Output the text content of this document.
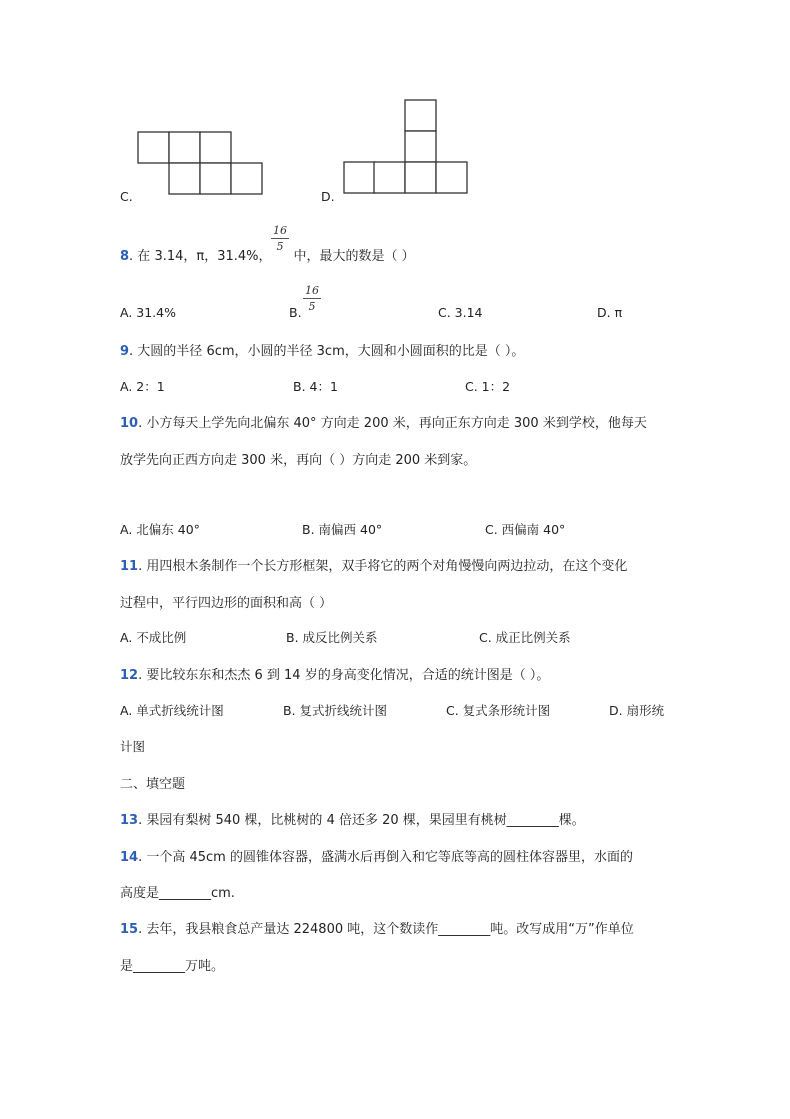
C.	D.
8. 在 3.14，π，31.4%， 中，最大的数是（ ）
16
5
A. 31.4%	B.
16
5	C. 3.14	D. π
9. 大圆的半径 6cm，小圆的半径 3cm，大圆和小圆面积的比是（ ）。
A. 2：1	B. 4：1	C. 1：2
10. 小方每天上学先向北偏东 40° 方向走 200 米，再向正东方向走 300 米到学校，他每天
放学先向正西方向走 300 米，再向（ ）方向走 200 米到家。
A. 北偏东 40°	B. 南偏西 40°	C. 西偏南 40°
11. 用四根木条制作一个长方形框架，双手将它的两个对角慢慢向两边拉动，在这个变化
过程中，平行四边形的面积和高（ ）
A. 不成比例	B. 成反比例关系	C. 成正比例关系
12. 要比较东东和杰杰 6 到 14 岁的身高变化情况，合适的统计图是（ ）。
A. 单式折线统计图	B. 复式折线统计图	C. 复式条形统计图	D. 扇形统
计图
二、填空题
13. 果园有梨树 540 棵，比桃树的 4 倍还多 20 棵，果园里有桃树________棵。
14. 一个高 45cm 的圆锥体容器，盛满水后再倒入和它等底等高的圆柱体容器里，水面的
高度是________cm.
15. 去年，我县粮食总产量达 224800 吨，这个数读作________吨。改写成用“万”作单位
是________万吨。
